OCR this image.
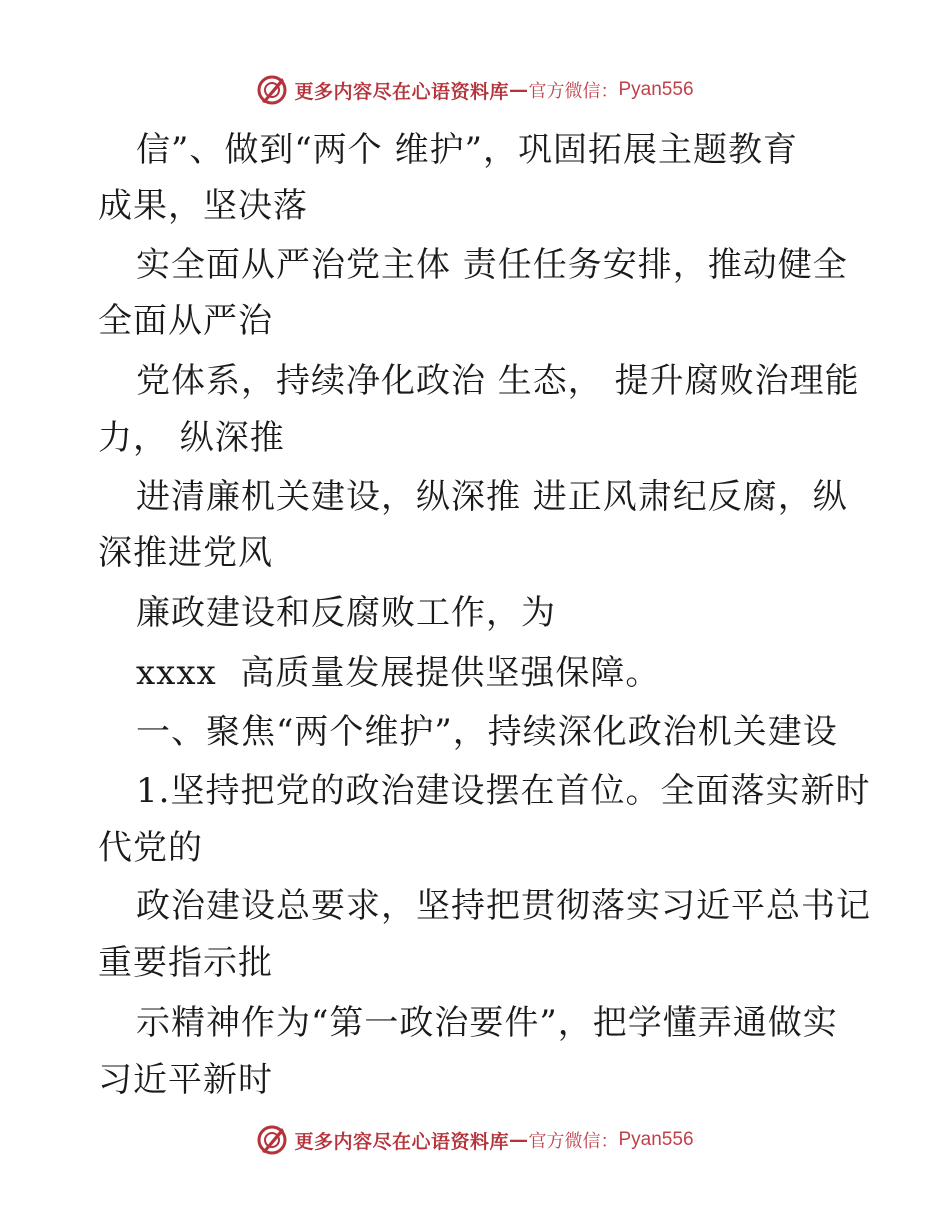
更多内容尽在心语资料库 — 官方微信： Pyan556
信”、做到“两个 维护”，巩固拓展主题教育
成果，坚决落
实全面从严治党主体 责任任务安排，推动健全
全面从严治
党体系，持续净化政治 生态， 提升腐败治理能
力， 纵深推
进清廉机关建设，纵深推 进正风肃纪反腐，纵
深推进党风
廉政建设和反腐败工作，为
xxxx  高质量发展提供坚强保障。
一、聚焦“两个维护”，持续深化政治机关建设
1.坚持把党的政治建设摆在首位。全面落实新时
代党的
政治建设总要求，坚持把贯彻落实习近平总书记
重要指示批
示精神作为“第一政治要件”，把学懂弄通做实
习近平新时
更多内容尽在心语资料库 — 官方微信： Pyan556
